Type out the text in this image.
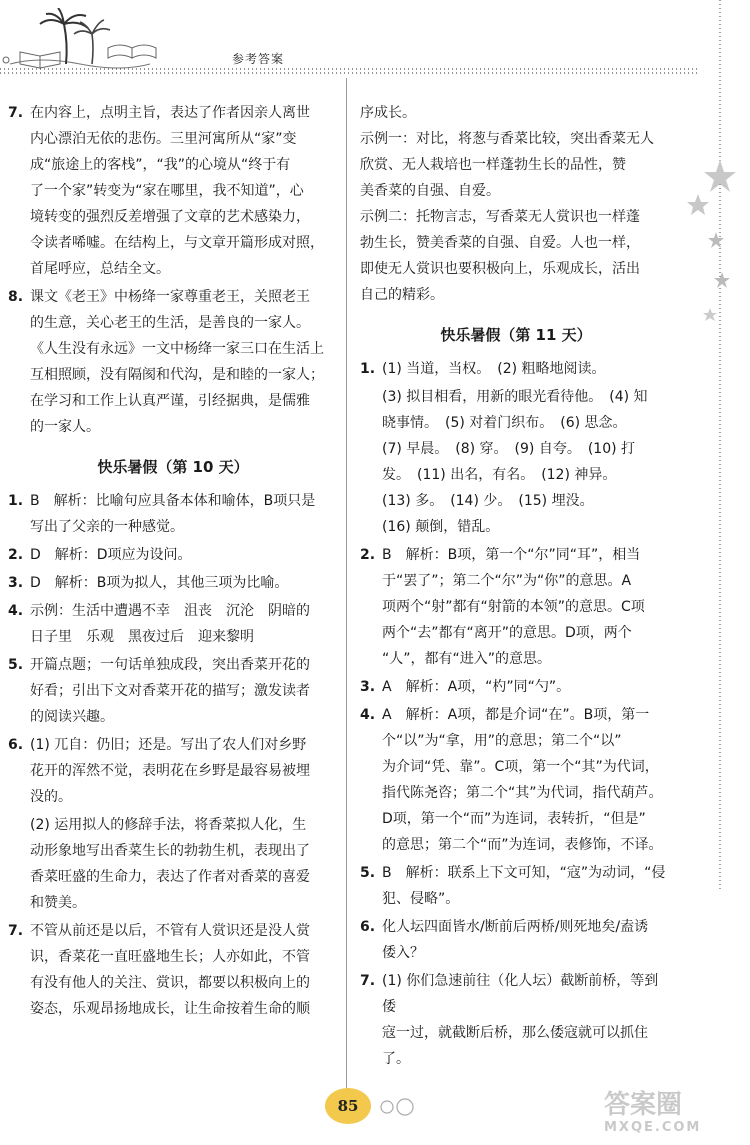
参考答案
7. 在内容上，点明主旨，表达了作者因亲人离世
内心漂泊无依的悲伤。三里河寓所从“家”变
成“旅途上的客栈”，“我”的心境从“终于有
了一个家”转变为“家在哪里，我不知道”，心
境转变的强烈反差增强了文章的艺术感染力，
令读者唏嘘。在结构上，与文章开篇形成对照，
首尾呼应，总结全文。
8. 课文《老王》中杨绛一家尊重老王，关照老王
的生意，关心老王的生活，是善良的一家人。
《人生没有永远》一文中杨绛一家三口在生活上
互相照顾，没有隔阂和代沟，是和睦的一家人；
在学习和工作上认真严谨，引经据典，是儒雅
的一家人。
快乐暑假（第 10 天）
1. B　解析：比喻句应具备本体和喻体，B项只是
写出了父亲的一种感觉。
2. D　解析：D项应为设问。
3. D　解析：B项为拟人，其他三项为比喻。
4. 示例：生活中遭遇不幸　沮丧　沉沦　阴暗的
日子里　乐观　黑夜过后　迎来黎明
5. 开篇点题；一句话单独成段，突出香菜开花的
好看；引出下文对香菜开花的描写；激发读者
的阅读兴趣。
6. (1) 兀自：仍旧；还是。写出了农人们对乡野
花开的浑然不觉，表明花在乡野是最容易被埋
没的。
(2) 运用拟人的修辞手法，将香菜拟人化，生
动形象地写出香菜生长的勃勃生机，表现出了
香菜旺盛的生命力，表达了作者对香菜的喜爱
和赞美。
7. 不管从前还是以后，不管有人赏识还是没人赏
识，香菜花一直旺盛地生长；人亦如此，不管
有没有他人的关注、赏识，都要以积极向上的
姿态，乐观昂扬地成长，让生命按着生命的顺
序成长。
示例一：对比，将葱与香菜比较，突出香菜无人
欣赏、无人栽培也一样蓬勃生长的品性，赞
美香菜的自强、自爱。
示例二：托物言志，写香菜无人赏识也一样蓬
勃生长，赞美香菜的自强、自爱。人也一样，
即使无人赏识也要积极向上，乐观成长，活出
自己的精彩。
快乐暑假（第 11 天）
1. (1) 当道，当权。　(2) 粗略地阅读。
(3) 拟目相看，用新的眼光看待他。　(4) 知
晓事情。　(5) 对着门织布。　(6) 思念。
(7) 早晨。　(8) 穿。　(9) 自夸。　(10) 打
发。　(11) 出名，有名。　(12) 神异。
(13) 多。　(14) 少。　(15) 埋没。
(16) 颠倒，错乱。
2. B　解析：B项，第一个“尔”同“耳”，相当
于“罢了”；第二个“尔”为“你”的意思。A
项两个“射”都有“射箭的本领”的意思。C项
两个“去”都有“离开”的意思。D项，两个
“人”，都有“进入”的意思。
3. A　解析：A项，“杓”同“勺”。
4. A　解析：A项，都是介词“在”。B项，第一
个“以”为“拿，用”的意思；第二个“以”
为介词“凭、靠”。C项，第一个“其”为代词，
指代陈尧咨；第二个“其”为代词，指代葫芦。
D项，第一个“而”为连词，表转折，“但是”
的意思；第二个“而”为连词，表修饰，不译。
5. B　解析：联系上下文可知，“寇”为动词，“侵
犯、侵略”。
6. 化人坛四面皆水/断前后两桥/则死地矣/盍诱
倭入？
7. (1) 你们急速前往（化人坛）截断前桥，等到倭
寇一过，就截断后桥，那么倭寇就可以抓住了。
85	答案圈
MXQE.COM
